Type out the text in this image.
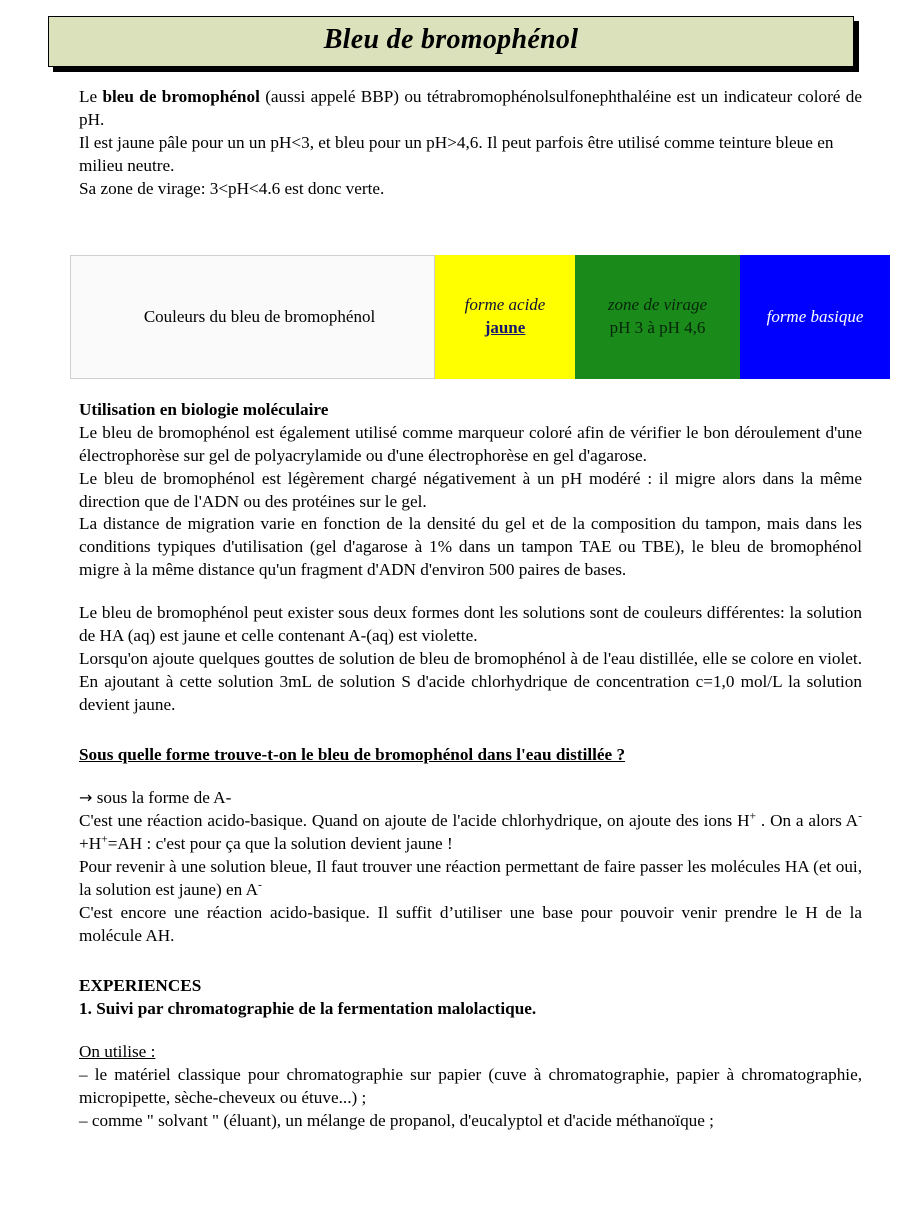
Bleu de bromophénol

Le bleu de bromophénol (aussi appelé BBP) ou tétrabromophénolsulfonephthaléine est un indicateur coloré de pH.

Il est jaune pâle pour un un pH<3, et bleu pour un pH>4,6. Il peut parfois être utilisé comme teinture bleue en milieu neutre.

Sa zone de virage: 3<pH<4.6 est donc verte.

Couleurs du bleu de bromophénol
forme acide
jaune
zone de virage
pH 3 à pH 4,6
forme basique

Utilisation en biologie moléculaire

Le bleu de bromophénol est également utilisé comme marqueur coloré afin de vérifier le bon déroulement d'une électrophorèse sur gel de polyacrylamide ou d'une électrophorèse en gel d'agarose.

Le bleu de bromophénol est légèrement chargé négativement à un pH modéré : il migre alors dans la même direction que de l'ADN ou des protéines sur le gel.

La distance de migration varie en fonction de la densité du gel et de la composition du tampon, mais dans les conditions typiques d'utilisation (gel d'agarose à 1% dans un tampon TAE ou TBE), le bleu de bromophénol migre à la même distance qu'un fragment d'ADN d'environ 500 paires de bases.

Le bleu de bromophénol peut exister sous deux formes dont les solutions sont de couleurs différentes: la solution de HA (aq) est jaune et celle contenant A-(aq) est violette.

Lorsqu'on ajoute quelques gouttes de solution de bleu de bromophénol à de l'eau distillée, elle se colore en violet. En ajoutant à cette solution 3mL de solution S d'acide chlorhydrique de concentration c=1,0 mol/L la solution devient jaune.

Sous quelle forme trouve-t-on le bleu de bromophénol dans l'eau distillée ?

→ sous la forme de A-

C'est une réaction acido-basique. Quand on ajoute de l'acide chlorhydrique, on ajoute des ions H+ . On a alors A-+H+=AH : c'est pour ça que la solution devient jaune !

Pour revenir à une solution bleue, Il faut trouver une réaction permettant de faire passer les molécules HA (et oui, la solution est jaune) en A-

C'est encore une réaction acido-basique. Il suffit d’utiliser une base pour pouvoir venir prendre le H de la molécule AH.

EXPERIENCES

1. Suivi par chromatographie de la fermentation malolactique.

On utilise :

– le matériel classique pour chromatographie sur papier (cuve à chromatographie, papier à chromatographie, micropipette, sèche-cheveux ou étuve...) ;

– comme " solvant " (éluant), un mélange de propanol, d'eucalyptol et d'acide méthanoïque ;
